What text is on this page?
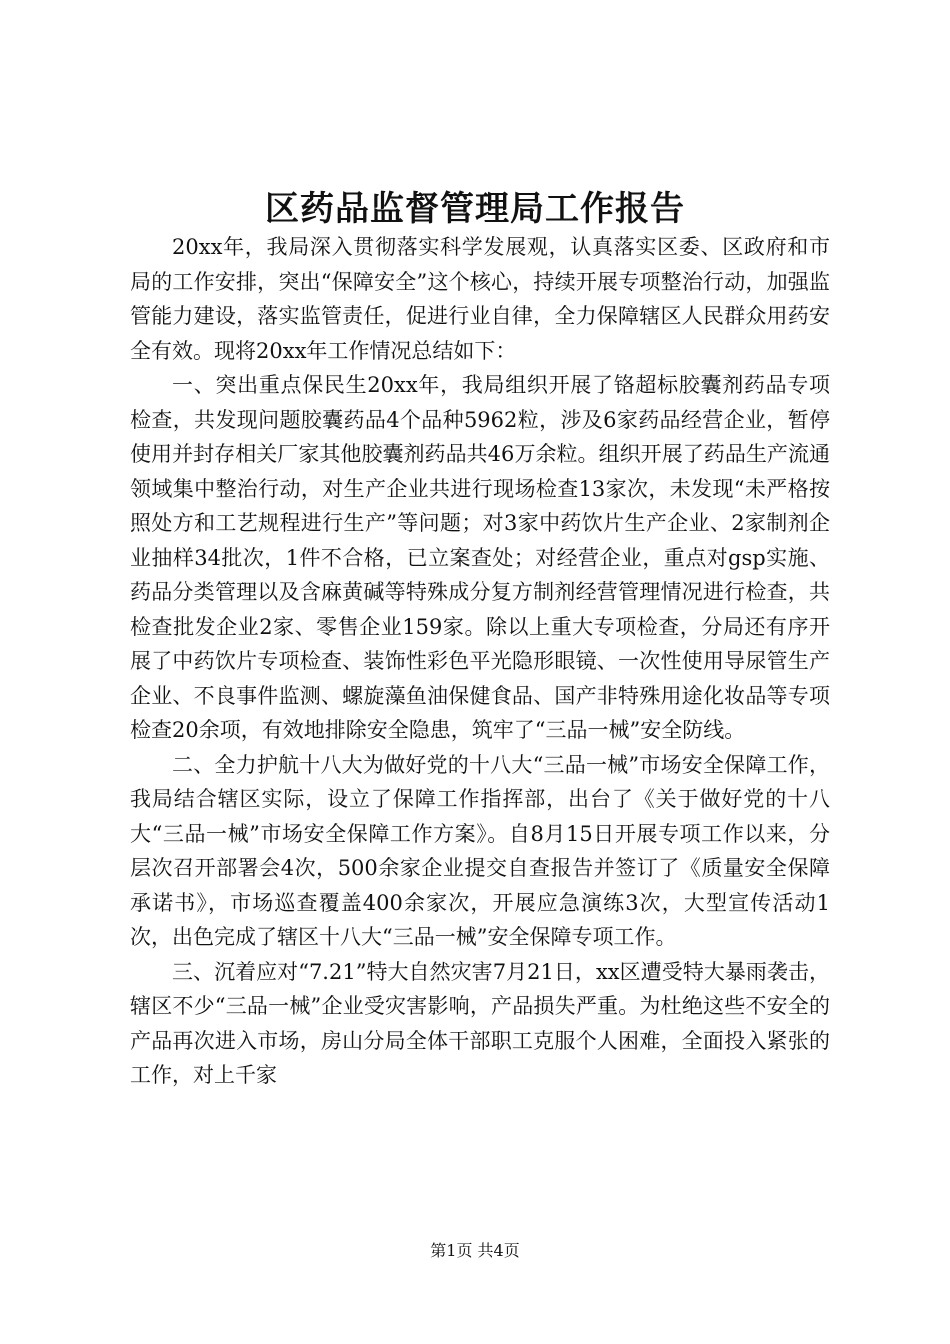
区药品监督管理局工作报告

20xx年，我局深入贯彻落实科学发展观，认真落实区委、区政府和市局的工作安排，突出“保障安全”这个核心，持续开展专项整治行动，加强监管能力建设，落实监管责任，促进行业自律，全力保障辖区人民群众用药安全有效。现将20xx年工作情况总结如下：

一、突出重点保民生20xx年，我局组织开展了铬超标胶囊剂药品专项检查，共发现问题胶囊药品4个品种5962粒，涉及6家药品经营企业，暂停使用并封存相关厂家其他胶囊剂药品共46万余粒。组织开展了药品生产流通领域集中整治行动，对生产企业共进行现场检查13家次，未发现“未严格按照处方和工艺规程进行生产”等问题；对3家中药饮片生产企业、2家制剂企业抽样34批次，1件不合格，已立案查处；对经营企业，重点对gsp实施、药品分类管理以及含麻黄碱等特殊成分复方制剂经营管理情况进行检查，共检查批发企业2家、零售企业159家。除以上重大专项检查，分局还有序开展了中药饮片专项检查、装饰性彩色平光隐形眼镜、一次性使用导尿管生产企业、不良事件监测、螺旋藻鱼油保健食品、国产非特殊用途化妆品等专项检查20余项，有效地排除安全隐患，筑牢了“三品一械”安全防线。

二、全力护航十八大为做好党的十八大“三品一械”市场安全保障工作，我局结合辖区实际，设立了保障工作指挥部，出台了《关于做好党的十八大“三品一械”市场安全保障工作方案》。自8月15日开展专项工作以来，分层次召开部署会4次，500余家企业提交自查报告并签订了《质量安全保障承诺书》，市场巡查覆盖400余家次，开展应急演练3次，大型宣传活动1次，出色完成了辖区十八大“三品一械”安全保障专项工作。

三、沉着应对“7.21”特大自然灾害7月21日，xx区遭受特大暴雨袭击，辖区不少“三品一械”企业受灾害影响，产品损失严重。为杜绝这些不安全的产品再次进入市场，房山分局全体干部职工克服个人困难，全面投入紧张的工作，对上千家

第1页 共4页
